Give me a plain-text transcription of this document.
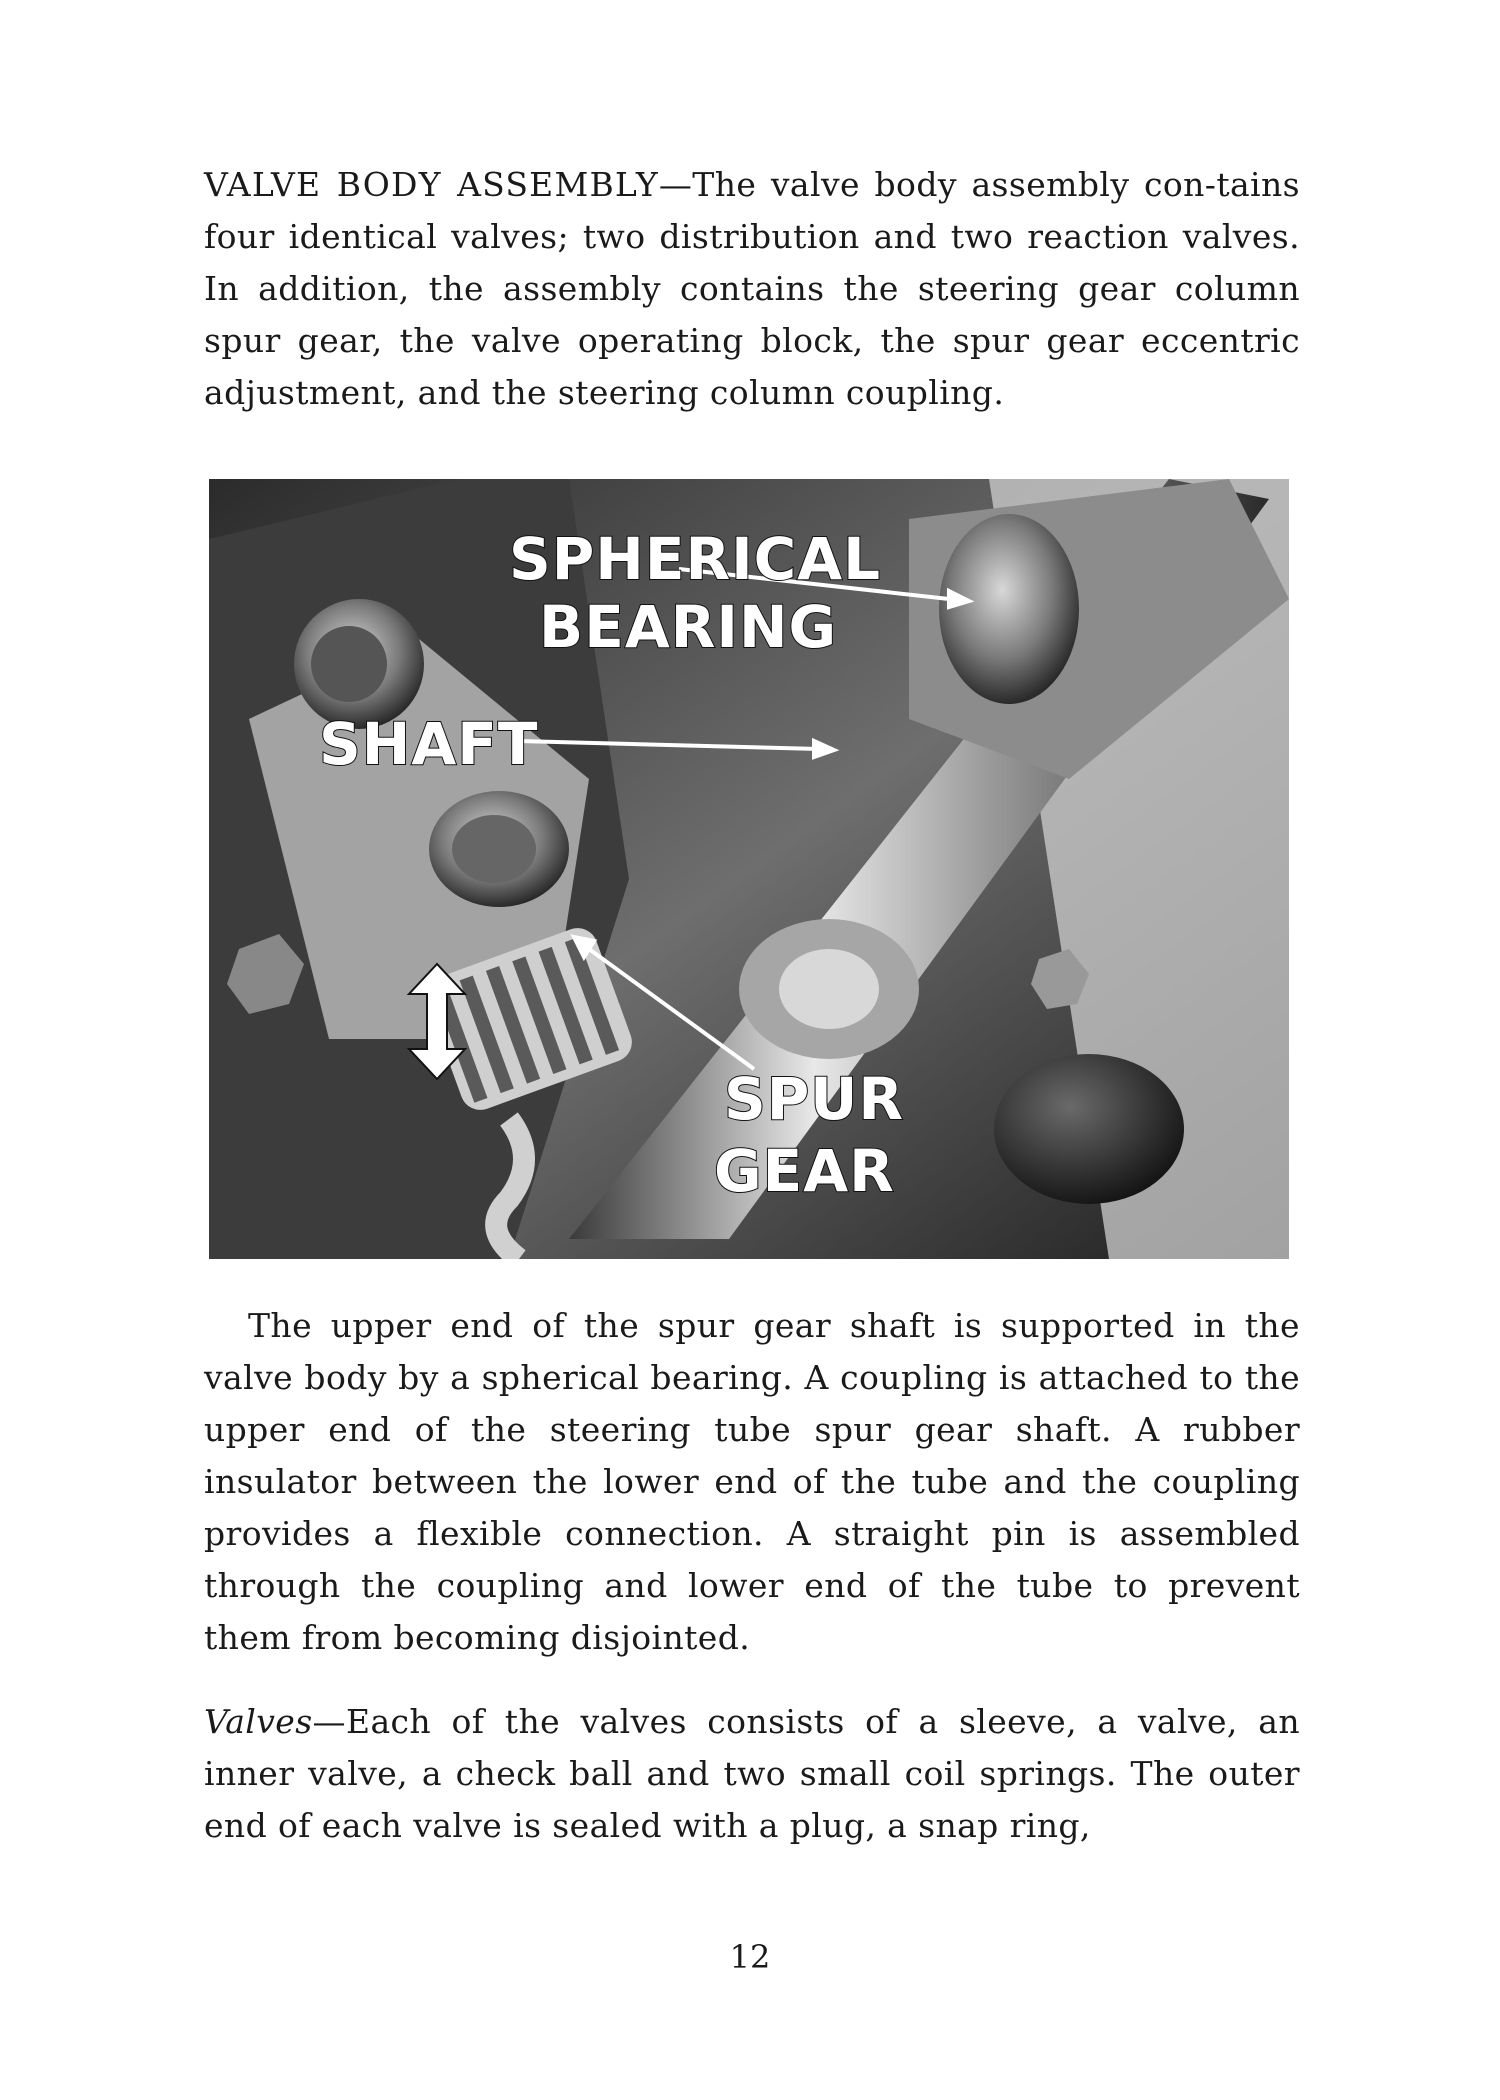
VALVE BODY ASSEMBLY—The valve body assembly con-tains four identical valves; two distribution and two reaction valves. In addition, the assembly contains the steering gear column spur gear, the valve operating block, the spur gear eccentric adjustment, and the steering column coupling.

SPHERICAL
BEARING
SHAFT
SPUR
GEAR

The upper end of the spur gear shaft is supported in the valve body by a spherical bearing. A coupling is attached to the upper end of the steering tube spur gear shaft. A rubber insulator between the lower end of the tube and the coupling provides a flexible connection. A straight pin is assembled through the coupling and lower end of the tube to prevent them from becoming disjointed.

Valves—Each of the valves consists of a sleeve, a valve, an inner valve, a check ball and two small coil springs. The outer end of each valve is sealed with a plug, a snap ring,

12
